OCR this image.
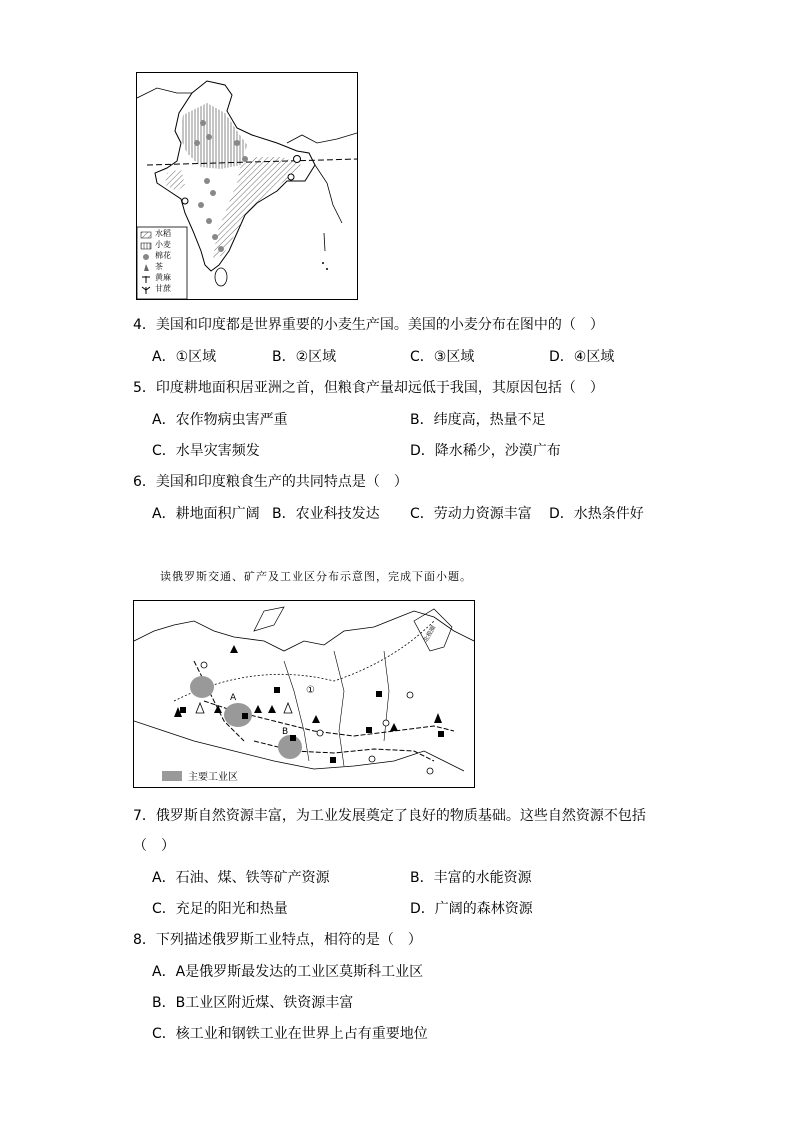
水稻
小麦
棉花
茶
黄麻
甘蔗
4．美国和印度都是世界重要的小麦生产国。美国的小麦分布在图中的（　）
A．①区域	B．②区域	C．③区域	D．④区域
5．印度耕地面积居亚洲之首，但粮食产量却远低于我国，其原因包括（　）
A．农作物病虫害严重	B．纬度高，热量不足
C．水旱灾害频发	D．降水稀少，沙漠广布
6．美国和印度粮食生产的共同特点是（　）
A．耕地面积广阔 B．农业科技发达 C．劳动力资源丰富 D．水热条件好
读俄罗斯交通、矿产及工业区分布示意图，完成下面小题。
A
B
①
北极圈
主要工业区
7．俄罗斯自然资源丰富，为工业发展奠定了良好的物质基础。这些自然资源不包括
（　）
A．石油、煤、铁等矿产资源	B．丰富的水能资源
C．充足的阳光和热量	D．广阔的森林资源
8．下列描述俄罗斯工业特点，相符的是（　）
A．A是俄罗斯最发达的工业区莫斯科工业区
B．B工业区附近煤、铁资源丰富
C．核工业和钢铁工业在世界上占有重要地位
